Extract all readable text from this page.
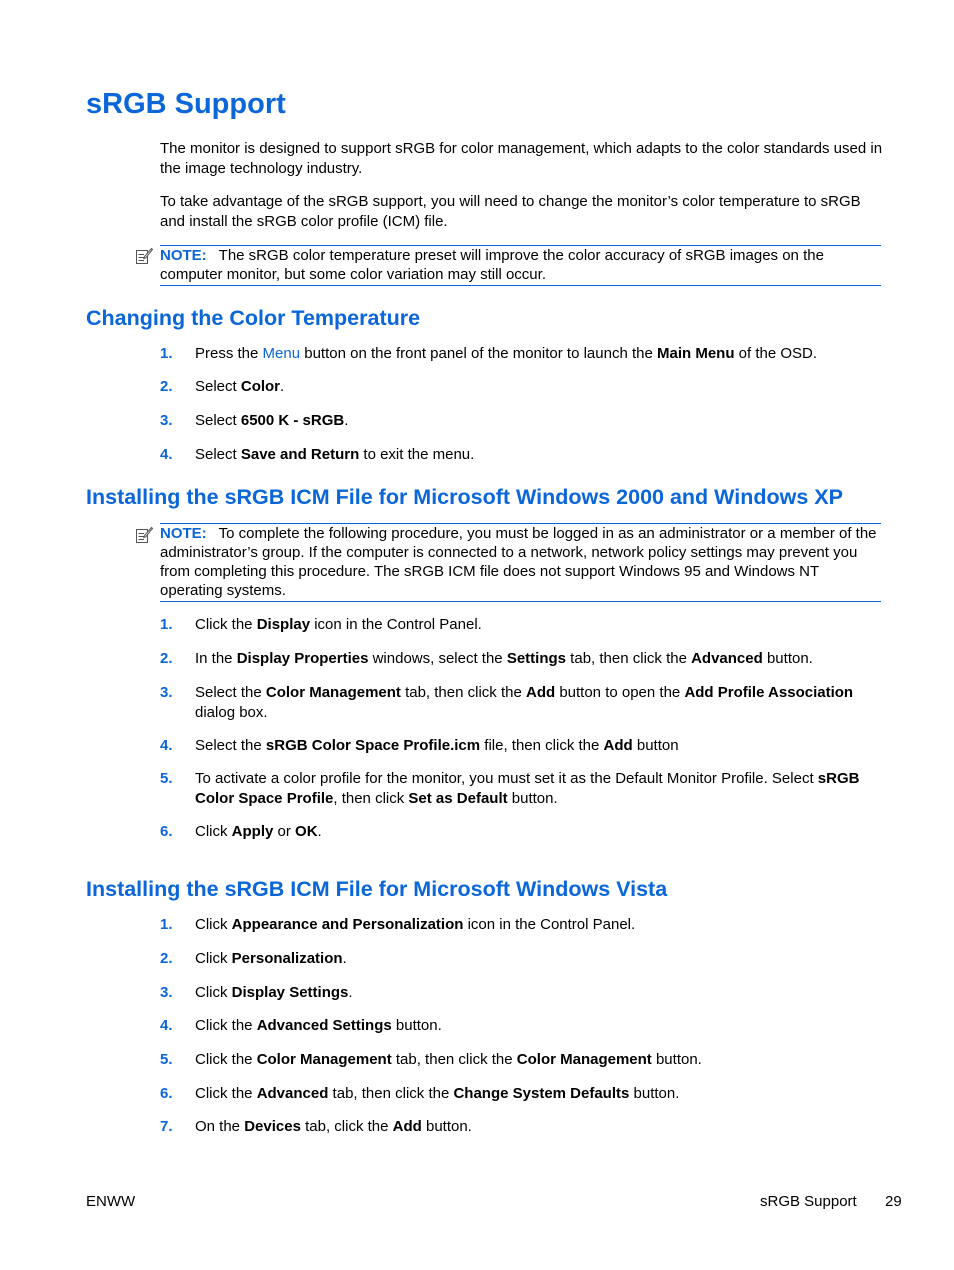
sRGB Support

The monitor is designed to support sRGB for color management, which adapts to the color standards used in the image technology industry.

To take advantage of the sRGB support, you will need to change the monitor’s color temperature to sRGB and install the sRGB color profile (ICM) file.

NOTE: The sRGB color temperature preset will improve the color accuracy of sRGB images on the computer monitor, but some color variation may still occur.
Changing the Color Temperature
1. Press the Menu button on the front panel of the monitor to launch the Main Menu of the OSD.
2. Select Color.
3. Select 6500 K - sRGB.
4. Select Save and Return to exit the menu.
Installing the sRGB ICM File for Microsoft Windows 2000 and Windows XP
NOTE: To complete the following procedure, you must be logged in as an administrator or a member of the administrator’s group. If the computer is connected to a network, network policy settings may prevent you from completing this procedure. The sRGB ICM file does not support Windows 95 and Windows NT operating systems.
1. Click the Display icon in the Control Panel.
2. In the Display Properties windows, select the Settings tab, then click the Advanced button.
3. Select the Color Management tab, then click the Add button to open the Add Profile Association dialog box.
4. Select the sRGB Color Space Profile.icm file, then click the Add button
5. To activate a color profile for the monitor, you must set it as the Default Monitor Profile. Select sRGB Color Space Profile, then click Set as Default button.
6. Click Apply or OK.
Installing the sRGB ICM File for Microsoft Windows Vista
1. Click Appearance and Personalization icon in the Control Panel.
2. Click Personalization.
3. Click Display Settings.
4. Click the Advanced Settings button.
5. Click the Color Management tab, then click the Color Management button.
6. Click the Advanced tab, then click the Change System Defaults button.
7. On the Devices tab, click the Add button.
ENWW	sRGB Support 29
